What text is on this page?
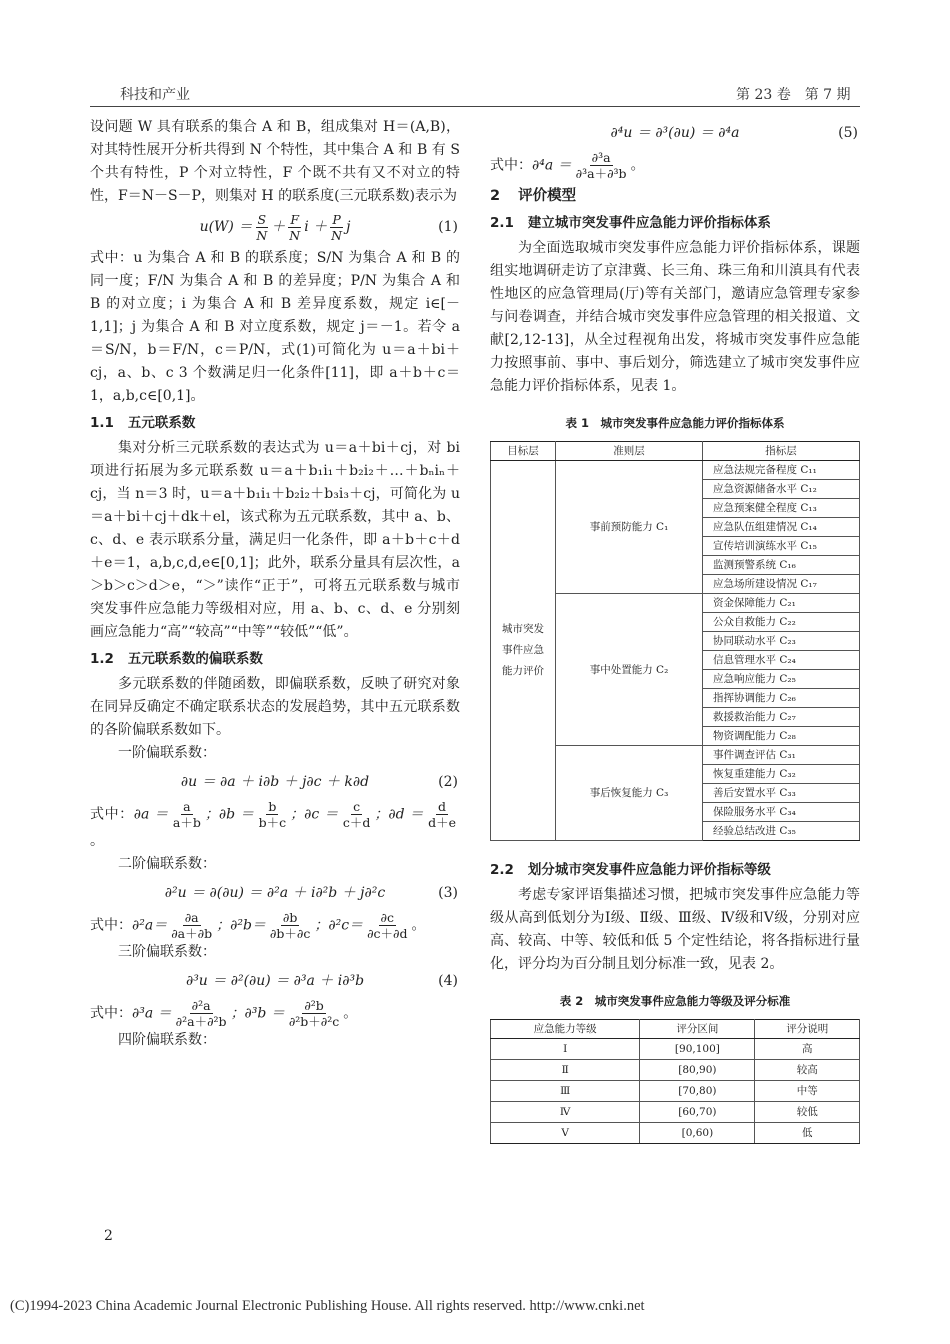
科技和产业	第 23 卷　第 7 期

设问题 W 具有联系的集合 A 和 B，组成集对 H＝(A,B)，对其特性展开分析共得到 N 个特性，其中集合 A 和 B 有 S 个共有特性，P 个对立特性，F 个既不共有又不对立的特性，F＝N－S－P，则集对 H 的联系度(三元联系数)表示为

$u(W) = \frac{S}{N} + \frac{F}{N}$ $i + \frac{P}{N}$ j	(1)

式中：u 为集合 A 和 B 的联系度；S/N 为集合 A 和 B 的同一度；F/N 为集合 A 和 B 的差异度；P/N 为集合 A 和 B 的对立度；i 为集合 A 和 B 差异度系数，规定 i∈[－1,1]；j 为集合 A 和 B 对立度系数，规定 j＝－1。若令 a＝S/N，b＝F/N，c＝P/N，式(1)可简化为 u＝a＋bi＋cj，a、b、c 3 个数满足归一化条件[11]，即 a＋b＋c＝1，a,b,c∈[0,1]。

1.1 五元联系数

集对分析三元联系数的表达式为 u＝a＋bi＋cj，对 bi 项进行拓展为多元联系数 u＝a＋b₁i₁＋b₂i₂＋…＋bₙiₙ＋cj，当 n＝3 时，u＝a＋b₁i₁＋b₂i₂＋b₃i₃＋cj，可简化为 u＝a＋bi＋cj＋dk＋el，该式称为五元联系数，其中 a、b、c、d、e 表示联系分量，满足归一化条件，即 a＋b＋c＋d＋e＝1，a,b,c,d,e∈[0,1]；此外，联系分量具有层次性，a＞b＞c＞d＞e，“＞”读作“正于”，可将五元联系数与城市突发事件应急能力等级相对应，用 a、b、c、d、e 分别刻画应急能力“高”“较高”“中等”“较低”“低”。

1.2 五元联系数的偏联系数

多元联系数的伴随函数，即偏联系数，反映了研究对象在同异反确定不确定联系状态的发展趋势，其中五元联系数的各阶偏联系数如下。

一阶偏联系数：

∂u ＝ ∂a ＋ i∂b ＋ j∂c ＋ k∂d	(2)

式中：$\partial a = \frac{a}{a+b}$ ；$\partial b = \frac{b}{b+c}$ ；$\partial c = \frac{c}{c+d}$ ；$\partial d = \frac{d}{d+e}$
。

二阶偏联系数：

∂²u ＝ ∂(∂u) ＝ ∂²a ＋ i∂²b ＋ j∂²c	(3)

式中：$\partial^2a= \frac{\partial a}{\partial a+\partial b}$ ；$\partial^2b= \frac{\partial b}{\partial b+\partial c}$ ；$\partial^2c= \frac{\partial c}{\partial c+\partial d}$ 。

三阶偏联系数：

∂³u ＝ ∂²(∂u) ＝ ∂³a ＋ i∂³b	(4)

式中：$\partial^3a = \frac{\text{∂²a}}{\text{∂²a＋∂²b}}$ ；$\partial^3b = \frac{\text{∂²b}}{\text{∂²b＋∂²c}}$ 。

四阶偏联系数：

∂⁴u ＝ ∂³(∂u) ＝ ∂⁴a	(5)

式中：$\partial^4a = \frac{\text{∂³a}}{\text{∂³a＋∂³b}}$ 。

2 评价模型
2.1 建立城市突发事件应急能力评价指标体系

为全面选取城市突发事件应急能力评价指标体系，课题组实地调研走访了京津冀、长三角、珠三角和川滇具有代表性地区的应急管理局(厅)等有关部门，邀请应急管理专家参与问卷调查，并结合城市突发事件应急管理的相关报道、文献[2,12-13]，从全过程视角出发，将城市突发事件应急能力按照事前、事中、事后划分，筛选建立了城市突发事件应急能力评价指标体系，见表 1。

表 1　城市突发事件应急能力评价指标体系
目标层	准则层	指标层
城市突发事件应急能力评价	事前预防能力 C₁	应急法规完备程度 C₁₁
		应急资源储备水平 C₁₂
		应急预案健全程度 C₁₃
		应急队伍组建情况 C₁₄
		宣传培训演练水平 C₁₅
		监测预警系统 C₁₆
		应急场所建设情况 C₁₇
	事中处置能力 C₂	资金保障能力 C₂₁
		公众自救能力 C₂₂
		协同联动水平 C₂₃
		信息管理水平 C₂₄
		应急响应能力 C₂₅
		指挥协调能力 C₂₆
		救援救治能力 C₂₇
		物资调配能力 C₂₈
	事后恢复能力 C₃	事件调查评估 C₃₁
		恢复重建能力 C₃₂
		善后安置水平 C₃₃
		保险服务水平 C₃₄
		经验总结改进 C₃₅
2.2 划分城市突发事件应急能力评价指标等级

考虑专家评语集描述习惯，把城市突发事件应急能力等级从高到低划分为Ⅰ级、Ⅱ级、Ⅲ级、Ⅳ级和Ⅴ级，分别对应高、较高、中等、较低和低 5 个定性结论，将各指标进行量化，评分均为百分制且划分标准一致，见表 2。

表 2　城市突发事件应急能力等级及评分标准
应急能力等级	评分区间	评分说明
Ⅰ	[90,100]	高
Ⅱ	[80,90)	较高
Ⅲ	[70,80)	中等
Ⅳ	[60,70)	较低
Ⅴ	[0,60)	低
2
(C)1994-2023 China Academic Journal Electronic Publishing House. All rights reserved. http://www.cnki.net
